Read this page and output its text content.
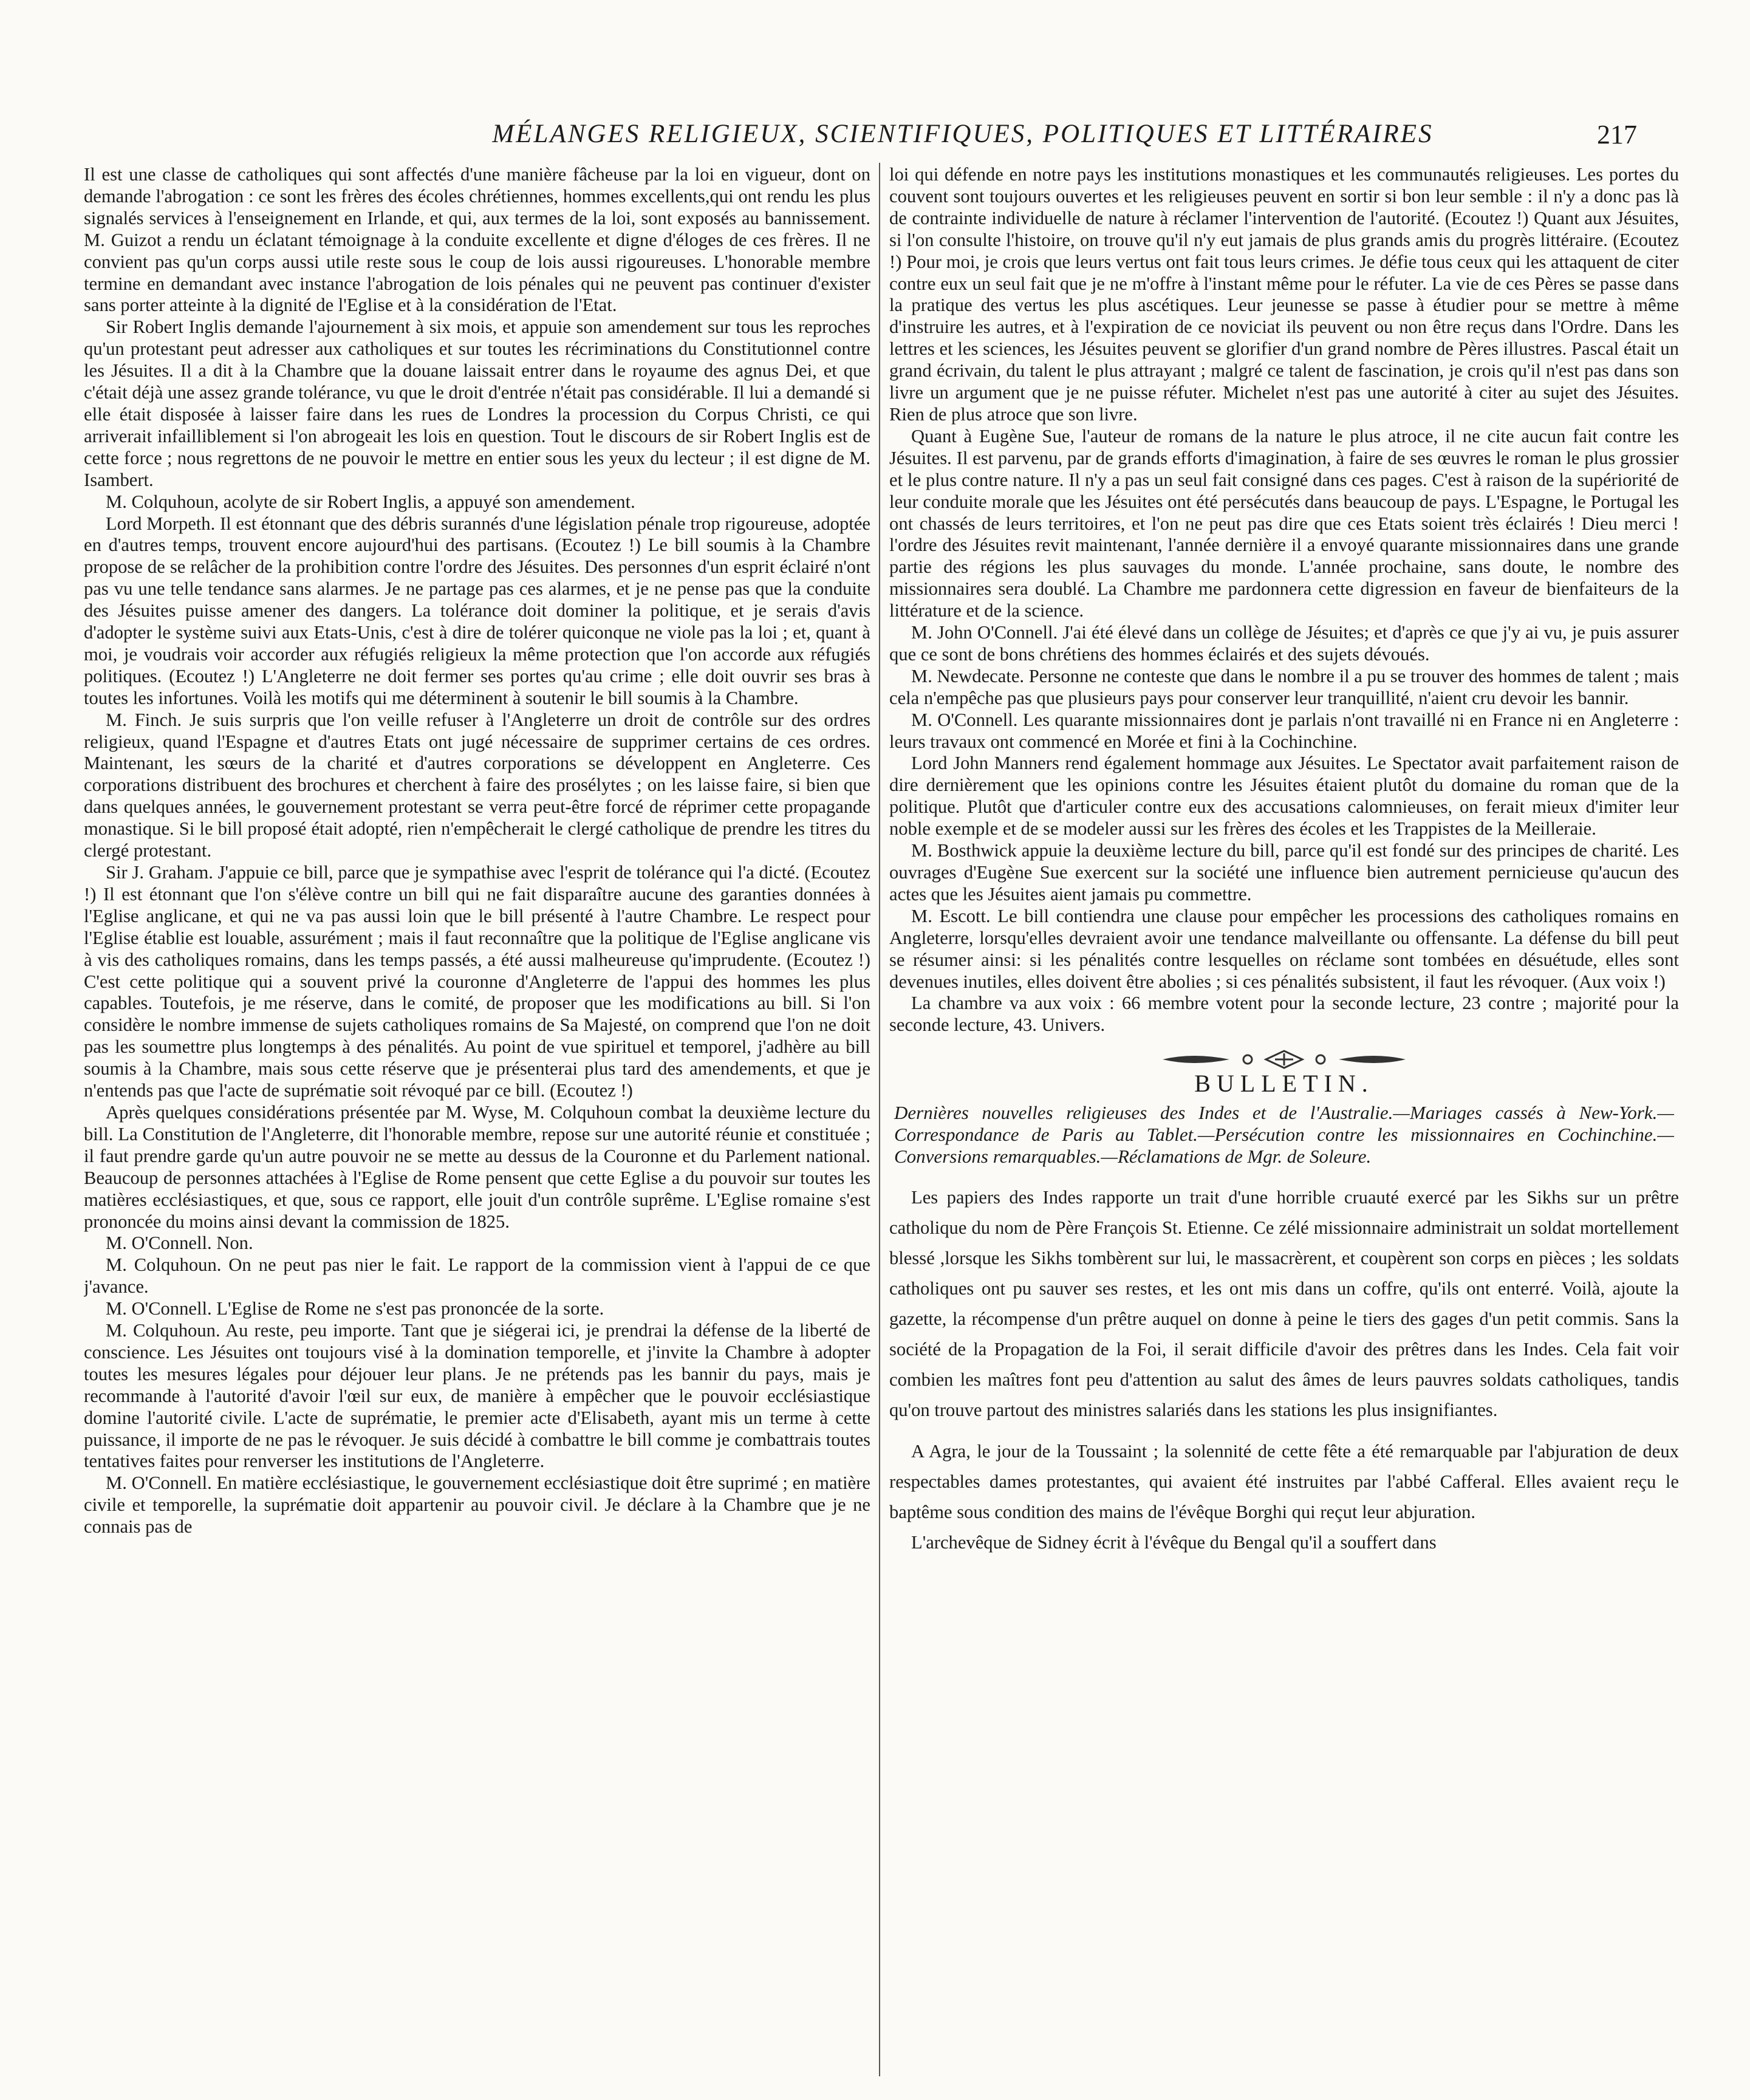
MÉLANGES RELIGIEUX, SCIENTIFIQUES, POLITIQUES ET LITTÉRAIRES	217

Il est une classe de catholiques qui sont affectés d'une manière fâcheuse par la loi en vigueur, dont on demande l'abrogation : ce sont les frères des écoles chrétiennes, hommes excellents,qui ont rendu les plus signalés services à l'enseignement en Irlande, et qui, aux termes de la loi, sont exposés au bannissement. M. Guizot a rendu un éclatant témoignage à la conduite excellente et digne d'éloges de ces frères. Il ne convient pas qu'un corps aussi utile reste sous le coup de lois aussi rigoureuses. L'honorable membre termine en demandant avec instance l'abrogation de lois pénales qui ne peuvent pas continuer d'exister sans porter atteinte à la dignité de l'Eglise et à la considération de l'Etat.

Sir Robert Inglis demande l'ajournement à six mois, et appuie son amendement sur tous les reproches qu'un protestant peut adresser aux catholiques et sur toutes les récriminations du Constitutionnel contre les Jésuites. Il a dit à la Chambre que la douane laissait entrer dans le royaume des agnus Dei, et que c'était déjà une assez grande tolérance, vu que le droit d'entrée n'était pas considérable. Il lui a demandé si elle était disposée à laisser faire dans les rues de Londres la procession du Corpus Christi, ce qui arriverait infailliblement si l'on abrogeait les lois en question. Tout le discours de sir Robert Inglis est de cette force ; nous regrettons de ne pouvoir le mettre en entier sous les yeux du lecteur ; il est digne de M. Isambert.

M. Colquhoun, acolyte de sir Robert Inglis, a appuyé son amendement.

Lord Morpeth. Il est étonnant que des débris surannés d'une législation pénale trop rigoureuse, adoptée en d'autres temps, trouvent encore aujourd'hui des partisans. (Ecoutez !) Le bill soumis à la Chambre propose de se relâcher de la prohibition contre l'ordre des Jésuites. Des personnes d'un esprit éclairé n'ont pas vu une telle tendance sans alarmes. Je ne partage pas ces alarmes, et je ne pense pas que la conduite des Jésuites puisse amener des dangers. La tolérance doit dominer la politique, et je serais d'avis d'adopter le système suivi aux Etats-Unis, c'est à dire de tolérer quiconque ne viole pas la loi ; et, quant à moi, je voudrais voir accorder aux réfugiés religieux la même protection que l'on accorde aux réfugiés politiques. (Ecoutez !) L'Angleterre ne doit fermer ses portes qu'au crime ; elle doit ouvrir ses bras à toutes les infortunes. Voilà les motifs qui me déterminent à soutenir le bill soumis à la Chambre.

M. Finch. Je suis surpris que l'on veille refuser à l'Angleterre un droit de contrôle sur des ordres religieux, quand l'Espagne et d'autres Etats ont jugé nécessaire de supprimer certains de ces ordres. Maintenant, les sœurs de la charité et d'autres corporations se développent en Angleterre. Ces corporations distribuent des brochures et cherchent à faire des prosélytes ; on les laisse faire, si bien que dans quelques années, le gouvernement protestant se verra peut-être forcé de réprimer cette propagande monastique. Si le bill proposé était adopté, rien n'empêcherait le clergé catholique de prendre les titres du clergé protestant.

Sir J. Graham. J'appuie ce bill, parce que je sympathise avec l'esprit de tolérance qui l'a dicté. (Ecoutez !) Il est étonnant que l'on s'élève contre un bill qui ne fait disparaître aucune des garanties données à l'Eglise anglicane, et qui ne va pas aussi loin que le bill présenté à l'autre Chambre. Le respect pour l'Eglise établie est louable, assurément ; mais il faut reconnaître que la politique de l'Eglise anglicane vis à vis des catholiques romains, dans les temps passés, a été aussi malheureuse qu'imprudente. (Ecoutez !) C'est cette politique qui a souvent privé la couronne d'Angleterre de l'appui des hommes les plus capables. Toutefois, je me réserve, dans le comité, de proposer que les modifications au bill. Si l'on considère le nombre immense de sujets catholiques romains de Sa Majesté, on comprend que l'on ne doit pas les soumettre plus longtemps à des pénalités. Au point de vue spirituel et temporel, j'adhère au bill soumis à la Chambre, mais sous cette réserve que je présenterai plus tard des amendements, et que je n'entends pas que l'acte de suprématie soit révoqué par ce bill. (Ecoutez !)

Après quelques considérations présentée par M. Wyse, M. Colquhoun combat la deuxième lecture du bill. La Constitution de l'Angleterre, dit l'honorable membre, repose sur une autorité réunie et constituée ; il faut prendre garde qu'un autre pouvoir ne se mette au dessus de la Couronne et du Parlement national. Beaucoup de personnes attachées à l'Eglise de Rome pensent que cette Eglise a du pouvoir sur toutes les matières ecclésiastiques, et que, sous ce rapport, elle jouit d'un contrôle suprême. L'Eglise romaine s'est prononcée du moins ainsi devant la commission de 1825.

M. O'Connell. Non.

M. Colquhoun. On ne peut pas nier le fait. Le rapport de la commission vient à l'appui de ce que j'avance.

M. O'Connell. L'Eglise de Rome ne s'est pas prononcée de la sorte.

M. Colquhoun. Au reste, peu importe. Tant que je siégerai ici, je prendrai la défense de la liberté de conscience. Les Jésuites ont toujours visé à la domination temporelle, et j'invite la Chambre à adopter toutes les mesures légales pour déjouer leur plans. Je ne prétends pas les bannir du pays, mais je recommande à l'autorité d'avoir l'œil sur eux, de manière à empêcher que le pouvoir ecclésiastique domine l'autorité civile. L'acte de suprématie, le premier acte d'Elisabeth, ayant mis un terme à cette puissance, il importe de ne pas le révoquer. Je suis décidé à combattre le bill comme je combattrais toutes tentatives faites pour renverser les institutions de l'Angleterre.

M. O'Connell. En matière ecclésiastique, le gouvernement ecclésiastique doit être suprimé ; en matière civile et temporelle, la suprématie doit appartenir au pouvoir civil. Je déclare à la Chambre que je ne connais pas de

loi qui défende en notre pays les institutions monastiques et les communautés religieuses. Les portes du couvent sont toujours ouvertes et les religieuses peuvent en sortir si bon leur semble : il n'y a donc pas là de contrainte individuelle de nature à réclamer l'intervention de l'autorité. (Ecoutez !) Quant aux Jésuites, si l'on consulte l'histoire, on trouve qu'il n'y eut jamais de plus grands amis du progrès littéraire. (Ecoutez !) Pour moi, je crois que leurs vertus ont fait tous leurs crimes. Je défie tous ceux qui les attaquent de citer contre eux un seul fait que je ne m'offre à l'instant même pour le réfuter. La vie de ces Pères se passe dans la pratique des vertus les plus ascétiques. Leur jeunesse se passe à étudier pour se mettre à même d'instruire les autres, et à l'expiration de ce noviciat ils peuvent ou non être reçus dans l'Ordre. Dans les lettres et les sciences, les Jésuites peuvent se glorifier d'un grand nombre de Pères illustres. Pascal était un grand écrivain, du talent le plus attrayant ; malgré ce talent de fascination, je crois qu'il n'est pas dans son livre un argument que je ne puisse réfuter. Michelet n'est pas une autorité à citer au sujet des Jésuites. Rien de plus atroce que son livre.

Quant à Eugène Sue, l'auteur de romans de la nature le plus atroce, il ne cite aucun fait contre les Jésuites. Il est parvenu, par de grands efforts d'imagination, à faire de ses œuvres le roman le plus grossier et le plus contre nature. Il n'y a pas un seul fait consigné dans ces pages. C'est à raison de la supériorité de leur conduite morale que les Jésuites ont été persécutés dans beaucoup de pays. L'Espagne, le Portugal les ont chassés de leurs territoires, et l'on ne peut pas dire que ces Etats soient très éclairés ! Dieu merci ! l'ordre des Jésuites revit maintenant, l'année dernière il a envoyé quarante missionnaires dans une grande partie des régions les plus sauvages du monde. L'année prochaine, sans doute, le nombre des missionnaires sera doublé. La Chambre me pardonnera cette digression en faveur de bienfaiteurs de la littérature et de la science.

M. John O'Connell. J'ai été élevé dans un collège de Jésuites; et d'après ce que j'y ai vu, je puis assurer que ce sont de bons chrétiens des hommes éclairés et des sujets dévoués.

M. Newdecate. Personne ne conteste que dans le nombre il a pu se trouver des hommes de talent ; mais cela n'empêche pas que plusieurs pays pour conserver leur tranquillité, n'aient cru devoir les bannir.

M. O'Connell. Les quarante missionnaires dont je parlais n'ont travaillé ni en France ni en Angleterre : leurs travaux ont commencé en Morée et fini à la Cochinchine.

Lord John Manners rend également hommage aux Jésuites. Le Spectator avait parfaitement raison de dire dernièrement que les opinions contre les Jésuites étaient plutôt du domaine du roman que de la politique. Plutôt que d'articuler contre eux des accusations calomnieuses, on ferait mieux d'imiter leur noble exemple et de se modeler aussi sur les frères des écoles et les Trappistes de la Meilleraie.

M. Bosthwick appuie la deuxième lecture du bill, parce qu'il est fondé sur des principes de charité. Les ouvrages d'Eugène Sue exercent sur la société une influence bien autrement pernicieuse qu'aucun des actes que les Jésuites aient jamais pu commettre.

M. Escott. Le bill contiendra une clause pour empêcher les processions des catholiques romains en Angleterre, lorsqu'elles devraient avoir une tendance malveillante ou offensante. La défense du bill peut se résumer ainsi: si les pénalités contre lesquelles on réclame sont tombées en désuétude, elles sont devenues inutiles, elles doivent être abolies ; si ces pénalités subsistent, il faut les révoquer. (Aux voix !)

La chambre va aux voix : 66 membre votent pour la seconde lecture, 23 contre ; majorité pour la seconde lecture, 43. Univers.

BULLETIN.

Dernières nouvelles religieuses des Indes et de l'Australie.—Mariages cassés à New-York.—Correspondance de Paris au Tablet.—Persécution contre les missionnaires en Cochinchine.—Conversions remarquables.—Réclamations de Mgr. de Soleure.

Les papiers des Indes rapporte un trait d'une horrible cruauté exercé par les Sikhs sur un prêtre catholique du nom de Père François St. Etienne. Ce zélé missionnaire administrait un soldat mortellement blessé ,lorsque les Sikhs tombèrent sur lui, le massacrèrent, et coupèrent son corps en pièces ; les soldats catholiques ont pu sauver ses restes, et les ont mis dans un coffre, qu'ils ont enterré. Voilà, ajoute la gazette, la récompense d'un prêtre auquel on donne à peine le tiers des gages d'un petit commis. Sans la société de la Propagation de la Foi, il serait difficile d'avoir des prêtres dans les Indes. Cela fait voir combien les maîtres font peu d'attention au salut des âmes de leurs pauvres soldats catholiques, tandis qu'on trouve partout des ministres salariés dans les stations les plus insignifiantes.

A Agra, le jour de la Toussaint ; la solennité de cette fête a été remarquable par l'abjuration de deux respectables dames protestantes, qui avaient été instruites par l'abbé Cafferal. Elles avaient reçu le baptême sous condition des mains de l'évêque Borghi qui reçut leur abjuration.

L'archevêque de Sidney écrit à l'évêque du Bengal qu'il a souffert dans
